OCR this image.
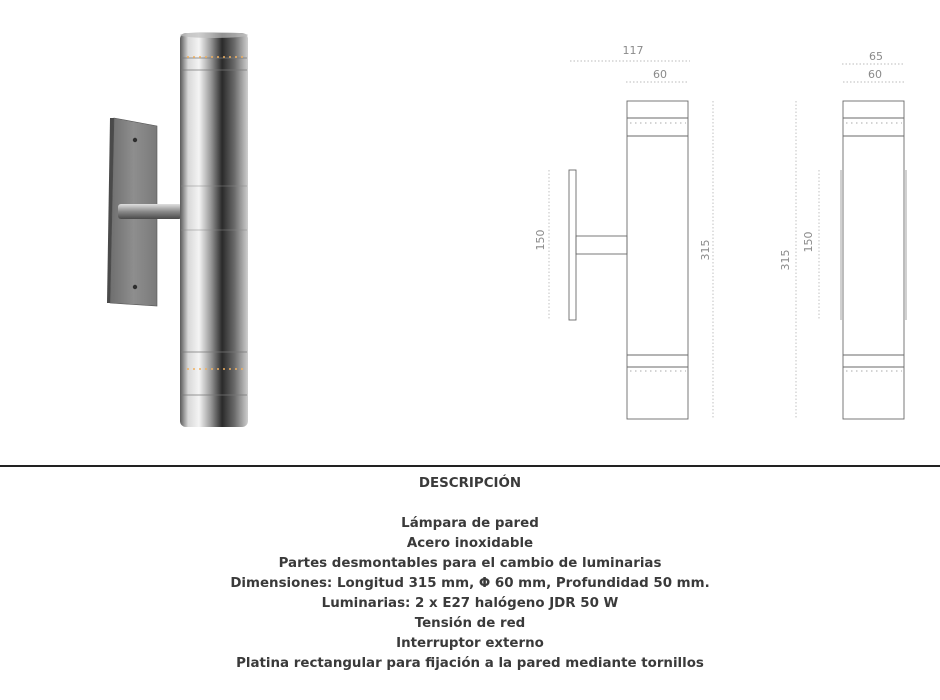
117
60
150	315
65
60
315
150
DESCRIPCIÓN
Lámpara de pared
Acero inoxidable
Partes desmontables para el cambio de luminarias
Dimensiones: Longitud 315 mm, Φ 60 mm, Profundidad 50 mm.
Luminarias: 2 x E27 halógeno JDR 50 W
Tensión de red
Interruptor externo
Platina rectangular para fijación a la pared mediante tornillos
